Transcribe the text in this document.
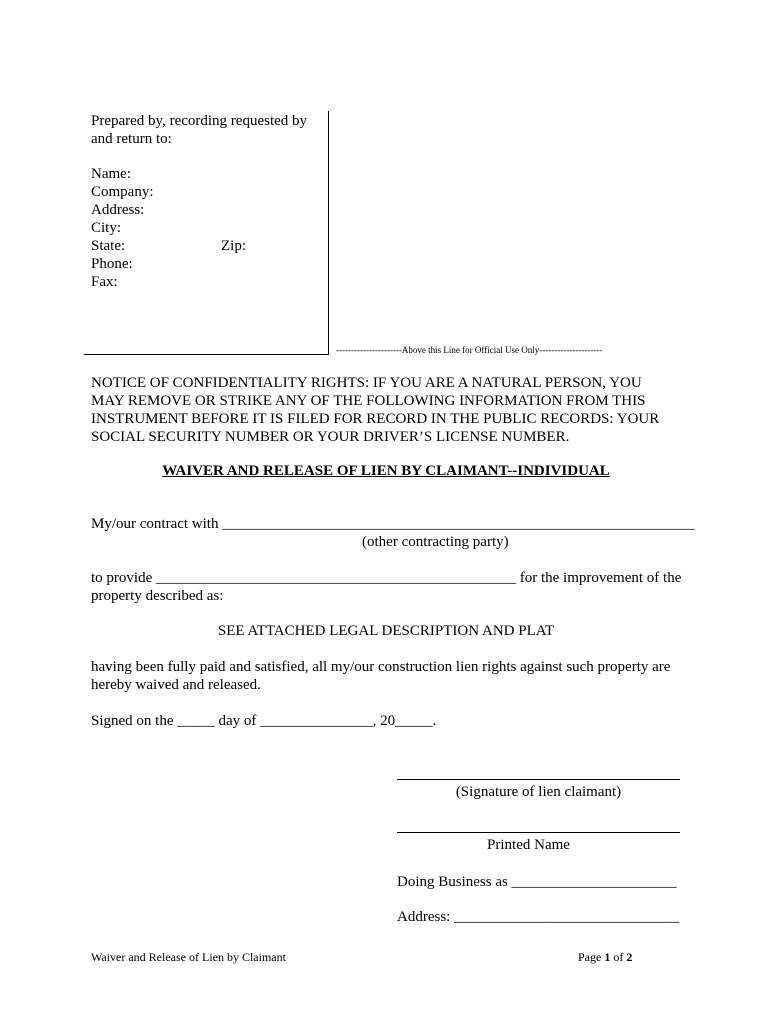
Prepared by, recording requested by
and return to:
Name:
Company:
Address:
City:
State:	Zip:
Phone:
Fax:
----------------------Above this Line for Official Use Only---------------------
NOTICE OF CONFIDENTIALITY RIGHTS: IF YOU ARE A NATURAL PERSON, YOU
MAY REMOVE OR STRIKE ANY OF THE FOLLOWING INFORMATION FROM THIS
INSTRUMENT BEFORE IT IS FILED FOR RECORD IN THE PUBLIC RECORDS: YOUR
SOCIAL SECURITY NUMBER OR YOUR DRIVER’S LICENSE NUMBER.
WAIVER AND RELEASE OF LIEN BY CLAIMANT--INDIVIDUAL
My/our contract with _______________________________________________________________
(other contracting party)
to provide ________________________________________________ for the improvement of the
property described as:
SEE ATTACHED LEGAL DESCRIPTION AND PLAT
having been fully paid and satisfied, all my/our construction lien rights against such property are
hereby waived and released.
Signed on the _____ day of _______________, 20_____.
(Signature of lien claimant)
Printed Name
Doing Business as ______________________
Address: ______________________________
Waiver and Release of Lien by Claimant	Page 1 of 2
